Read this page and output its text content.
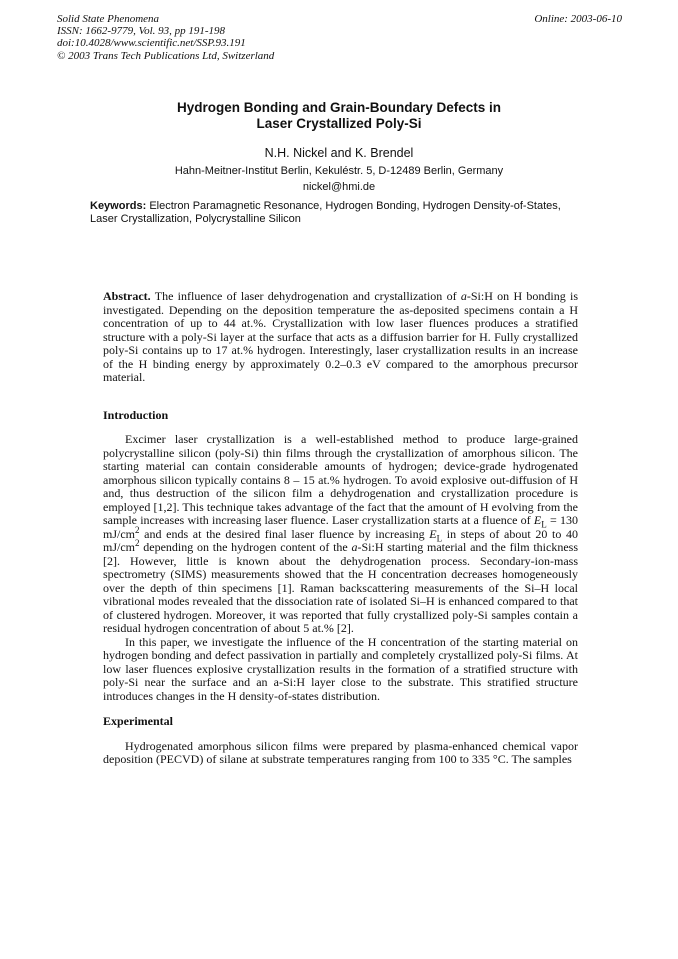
Solid State Phenomena
ISSN: 1662-9779, Vol. 93, pp 191-198
doi:10.4028/www.scientific.net/SSP.93.191
© 2003 Trans Tech Publications Ltd, Switzerland
Online: 2003-06-10
Hydrogen Bonding and Grain-Boundary Defects in Laser Crystallized Poly-Si
N.H. Nickel and K. Brendel
Hahn-Meitner-Institut Berlin, Kekuléstr. 5, D-12489 Berlin, Germany
nickel@hmi.de
Keywords: Electron Paramagnetic Resonance, Hydrogen Bonding, Hydrogen Density-of-States, Laser Crystallization, Polycrystalline Silicon

Abstract. The influence of laser dehydrogenation and crystallization of a-Si:H on H bonding is investigated. Depending on the deposition temperature the as-deposited specimens contain a H concentration of up to 44 at.%. Crystallization with low laser fluences produces a stratified structure with a poly-Si layer at the surface that acts as a diffusion barrier for H. Fully crystallized poly-Si contains up to 17 at.% hydrogen. Interestingly, laser crystallization results in an increase of the H binding energy by approximately 0.2–0.3 eV compared to the amorphous precursor material.

Introduction

Excimer laser crystallization is a well-established method to produce large-grained polycrystalline silicon (poly-Si) thin films through the crystallization of amorphous silicon. The starting material can contain considerable amounts of hydrogen; device-grade hydrogenated amorphous silicon typically contains 8 – 15 at.% hydrogen. To avoid explosive out-diffusion of H and, thus destruction of the silicon film a dehydrogenation and crystallization procedure is employed [1,2]. This technique takes advantage of the fact that the amount of H evolving from the sample increases with increasing laser fluence. Laser crystallization starts at a fluence of $E_L = 130$ $mJ/cm^2$ and ends at the desired final laser fluence by increasing $E_L$ in steps of about 20 to 40 $mJ/cm^2$ depending on the hydrogen content of the a-Si:H starting material and the film thickness [2]. However, little is known about the dehydrogenation process. Secondary-ion-mass spectrometry (SIMS) measurements showed that the H concentration decreases homogeneously over the depth of thin specimens [1]. Raman backscattering measurements of the Si–H local vibrational modes revealed that the dissociation rate of isolated Si–H is enhanced compared to that of clustered hydrogen. Moreover, it was reported that fully crystallized poly-Si samples contain a residual hydrogen concentration of about 5 at.% [2].

In this paper, we investigate the influence of the H concentration of the starting material on hydrogen bonding and defect passivation in partially and completely crystallized poly-Si films. At low laser fluences explosive crystallization results in the formation of a stratified structure with poly-Si near the surface and an a-Si:H layer close to the substrate. This stratified structure introduces changes in the H density-of-states distribution.

Experimental

Hydrogenated amorphous silicon films were prepared by plasma-enhanced chemical vapor deposition (PECVD) of silane at substrate temperatures ranging from 100 to 335 °C. The samples
